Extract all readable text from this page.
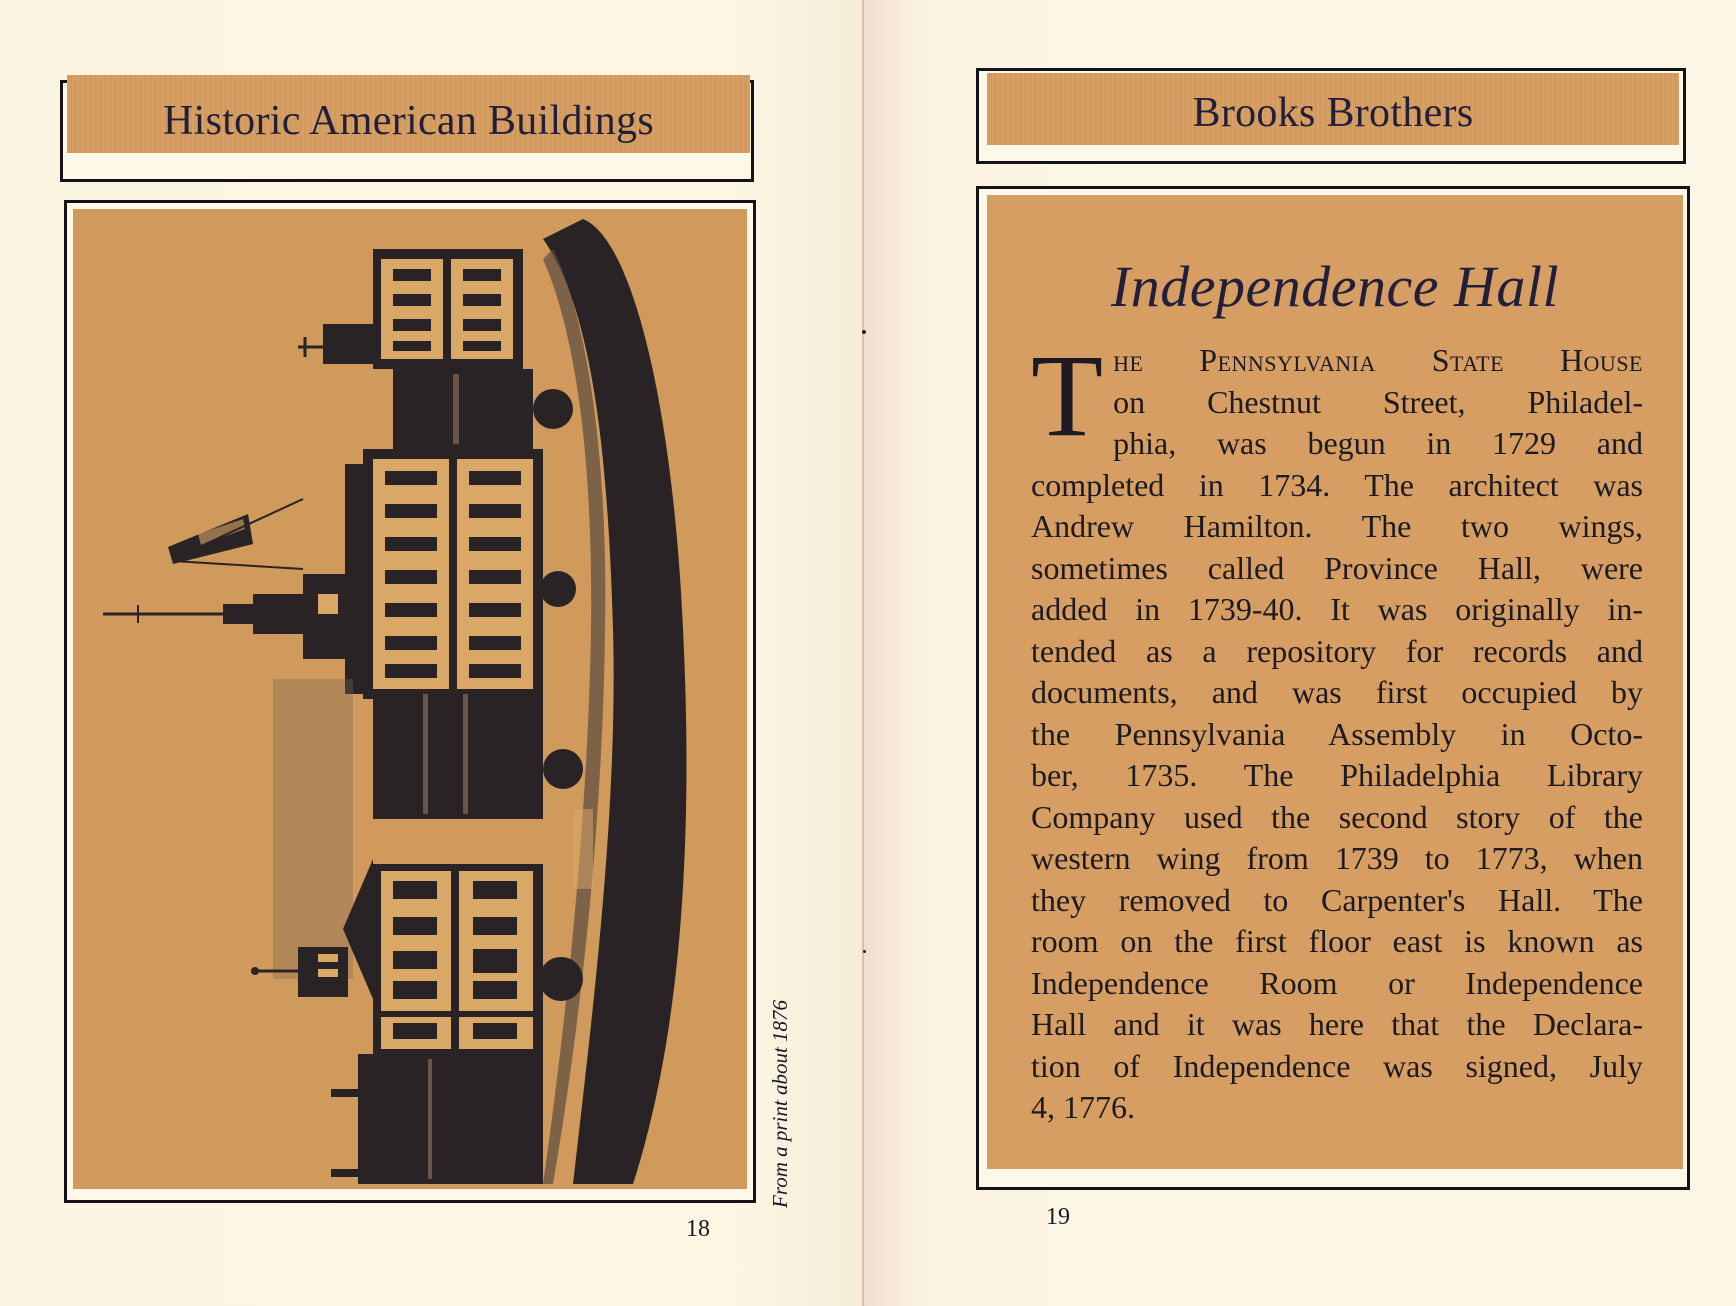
Historic American Buildings
From a print about 1876
18
Brooks Brothers
Independence Hall
T he Pennsylvania State House
on Chestnut Street, Philadel-
phia, was begun in 1729 and
completed in 1734. The architect was
Andrew Hamilton. The two wings,
sometimes called Province Hall, were
added in 1739-40. It was originally in-
tended as a repository for records and
documents, and was first occupied by
the Pennsylvania Assembly in Octo-
ber, 1735. The Philadelphia Library
Company used the second story of the
western wing from 1739 to 1773, when
they removed to Carpenter's Hall. The
room on the first floor east is known as
Independence Room or Independence
Hall and it was here that the Declara-
tion of Independence was signed, July
4, 1776.
19
